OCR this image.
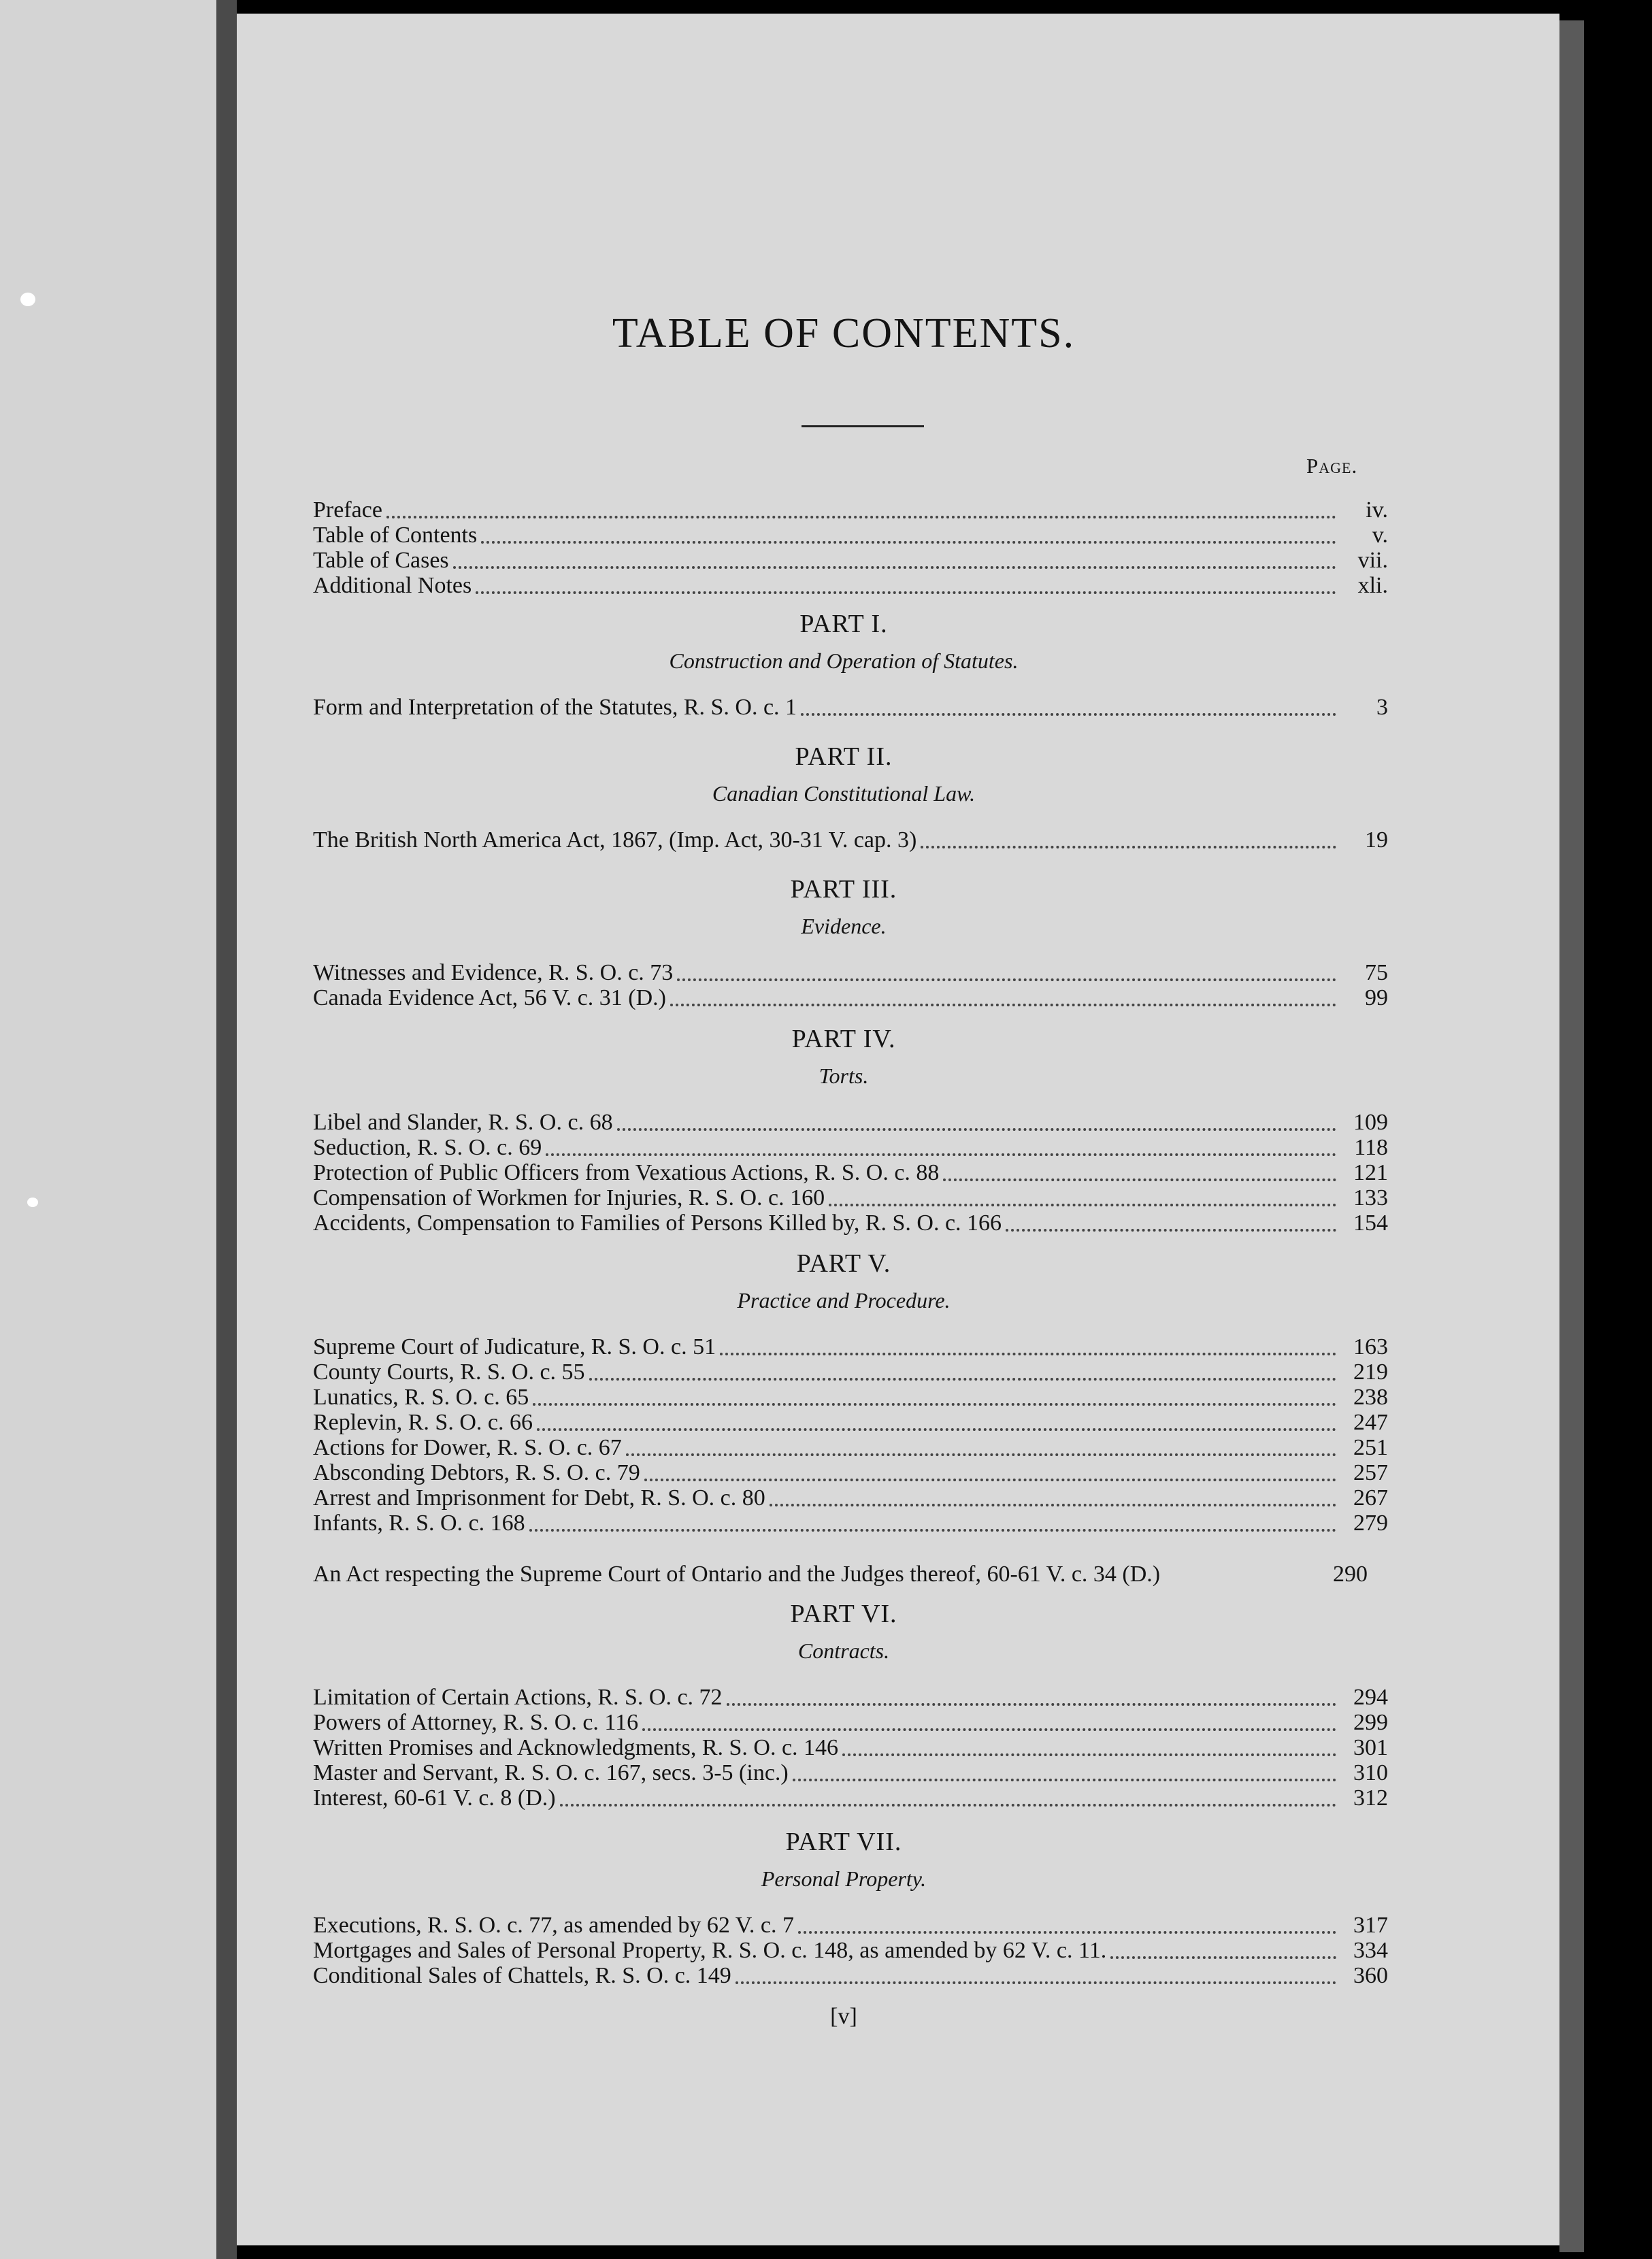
TABLE OF CONTENTS.
Page.
Preface	iv.
Table of Contents	v.
Table of Cases	vii.
Additional Notes	xli.
PART I.
Construction and Operation of Statutes.
Form and Interpretation of the Statutes, R. S. O. c. 1	3
PART II.
Canadian Constitutional Law.
The British North America Act, 1867, (Imp. Act, 30-31 V. cap. 3)	19
PART III.
Evidence.
Witnesses and Evidence, R. S. O. c. 73	75
Canada Evidence Act, 56 V. c. 31 (D.)	99
PART IV.
Torts.
Libel and Slander, R. S. O. c. 68	109
Seduction, R. S. O. c. 69	118
Protection of Public Officers from Vexatious Actions, R. S. O. c. 88	121
Compensation of Workmen for Injuries, R. S. O. c. 160	133
Accidents, Compensation to Families of Persons Killed by, R. S. O. c. 166	154
PART V.
Practice and Procedure.
Supreme Court of Judicature, R. S. O. c. 51	163
County Courts, R. S. O. c. 55	219
Lunatics, R. S. O. c. 65	238
Replevin, R. S. O. c. 66	247
Actions for Dower, R. S. O. c. 67	251
Absconding Debtors, R. S. O. c. 79	257
Arrest and Imprisonment for Debt, R. S. O. c. 80	267
Infants, R. S. O. c. 168	279
An Act respecting the Supreme Court of Ontario and the Judges thereof, 60-61 V. c. 34 (D.)	290
PART VI.
Contracts.
Limitation of Certain Actions, R. S. O. c. 72	294
Powers of Attorney, R. S. O. c. 116	299
Written Promises and Acknowledgments, R. S. O. c. 146	301
Master and Servant, R. S. O. c. 167, secs. 3-5 (inc.)	310
Interest, 60-61 V. c. 8 (D.)	312
PART VII.
Personal Property.
Executions, R. S. O. c. 77, as amended by 62 V. c. 7	317
Mortgages and Sales of Personal Property, R. S. O. c. 148, as amended by 62 V. c. 11.	334
Conditional Sales of Chattels, R. S. O. c. 149	360
[v]
